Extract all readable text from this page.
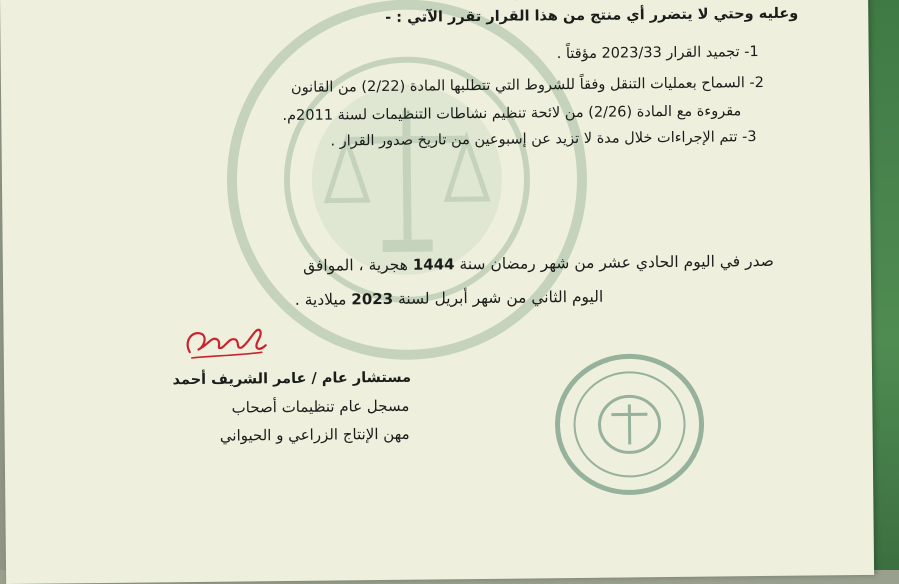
وعليه وحتي لا يتضرر أي منتج من هذا القرار تقرر الآتي : -
1- تجميد القرار 2023/33 مؤقتاً .
2- السماح بعمليات التنقل وفقاً للشروط التي تتطلبها المادة (2/22) من القانون
مقروءة مع المادة (2/26) من لائحة تنظيم نشاطات التنظيمات لسنة 2011م.
3- تتم الإجراءات خلال مدة لا تزيد عن إسبوعين من تاريخ صدور القرار .
صدر في اليوم الحادي عشر من شهر رمضان سنة 1444 هجرية ، الموافق
اليوم الثاني من شهر أبريل لسنة 2023 ميلادية .
مستشار عام / عامر الشريف أحمد
مسجل عام تنظيمات أصحاب
مهن الإنتاج الزراعي و الحيواني
